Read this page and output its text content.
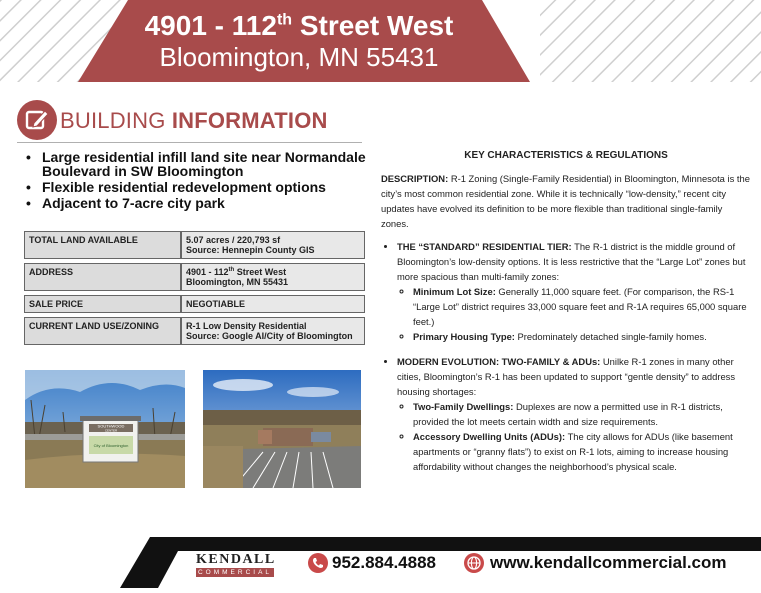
4901 - 112th Street West
Bloomington, MN 55431
BUILDING INFORMATION
• Large residential infill land site near Normandale Boulevard in SW Bloomington
• Flexible residential redevelopment options
• Adjacent to 7-acre city park
TOTAL LAND AVAILABLE	5.07 acres / 220,793 sf
Source: Hennepin County GIS

ADDRESS	4901 - 112th Street West
Bloomington, MN 55431

SALE PRICE	NEGOTIABLE
CURRENT LAND USE/ZONING	R-1 Low Density Residential
Source: Google AI/City of Bloomington
SOUTHWOOD
CENTER
City of Bloomington
KEY CHARACTERISTICS & REGULATIONS

DESCRIPTION: R-1 Zoning (Single-Family Residential) in Bloomington, Minnesota is the city’s most common residential zone. While it is technically “low-density,” recent city updates have evolved its definition to be more flexible than traditional single-family zones.

• THE “STANDARD” RESIDENTIAL TIER: The R-1 district is the middle ground of Bloomington’s low-density options. It is less restrictive that the “Large Lot” zones but more spacious than multi-family zones:
◦ Minimum Lot Size: Generally 11,000 square feet. (For comparison, the RS-1 “Large Lot” district requires 33,000 square feet and R-1A requires 65,000 square feet.)
◦ Primary Housing Type: Predominately detached single-family homes.
• MODERN EVOLUTION: TWO-FAMILY & ADUs: Unilke R-1 zones in many other cities, Bloomington’s R-1 has been updated to support “gentle density” to address housing shortages:
◦ Two-Family Dwellings: Duplexes are now a permitted use in R-1 districts, provided the lot meets certain width and size requirements.
◦ Accessory Dwelling Units (ADUs): The city allows for ADUs (like basement apartments or “granny flats”) to exist on R-1 lots, aiming to increase housing affordability without changes the neighborhood’s physical scale.
KENDALL
COMMERCIAL
952.884.4888	www.kendallcommercial.com
